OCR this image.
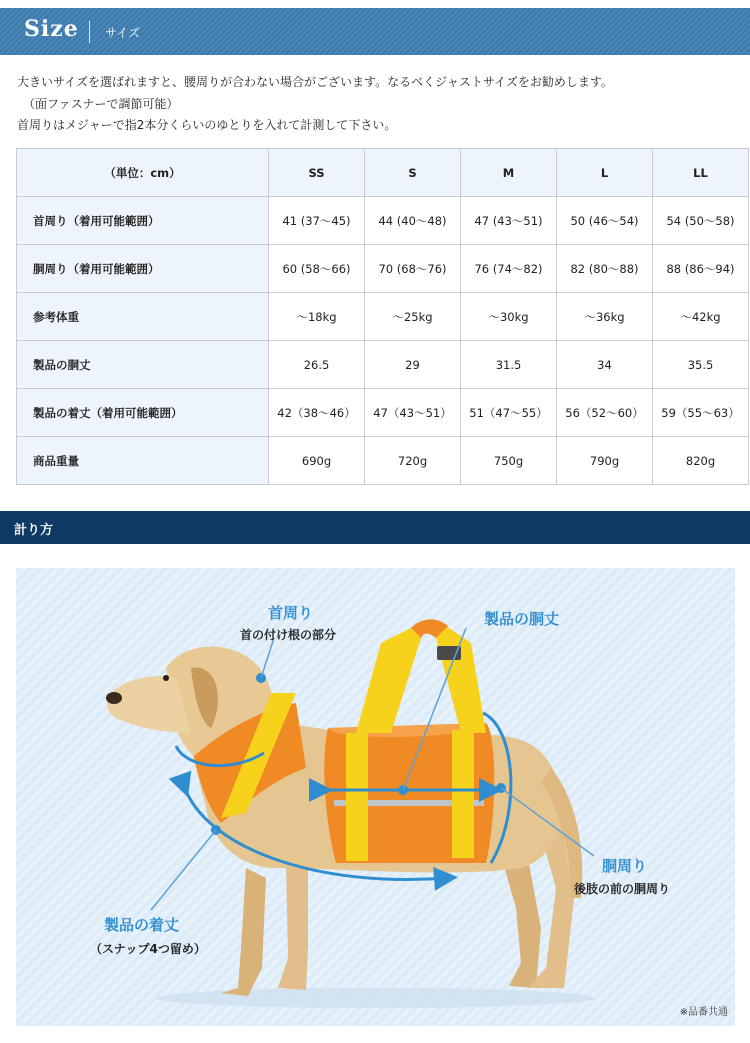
Size サイズ
大きいサイズを選ばれますと、腰周りが合わない場合がございます。なるべくジャストサイズをお勧めします。
（面ファスナーで調節可能）
首周りはメジャーで指2本分くらいのゆとりを入れて計測して下さい。
（単位：cm）	SS	S	M	L	LL
首周り（着用可能範囲）	41 (37〜45)	44 (40〜48)	47 (43〜51)	50 (46〜54)	54 (50〜58)
胴周り（着用可能範囲）	60 (58〜66)	70 (68〜76)	76 (74〜82)	82 (80〜88)	88 (86〜94)
参考体重	〜18kg	〜25kg	〜30kg	〜36kg	〜42kg
製品の胴丈	26.5	29	31.5	34	35.5
製品の着丈（着用可能範囲）	42（38〜46）	47（43〜51）	51（47〜55）	56（52〜60）	59（55〜63）
商品重量	690g	720g	750g	790g	820g
計り方
首周り
首の付け根の部分
製品の胴丈
胴周り
後肢の前の胴周り
製品の着丈
（スナップ4つ留め）
※品番共通
